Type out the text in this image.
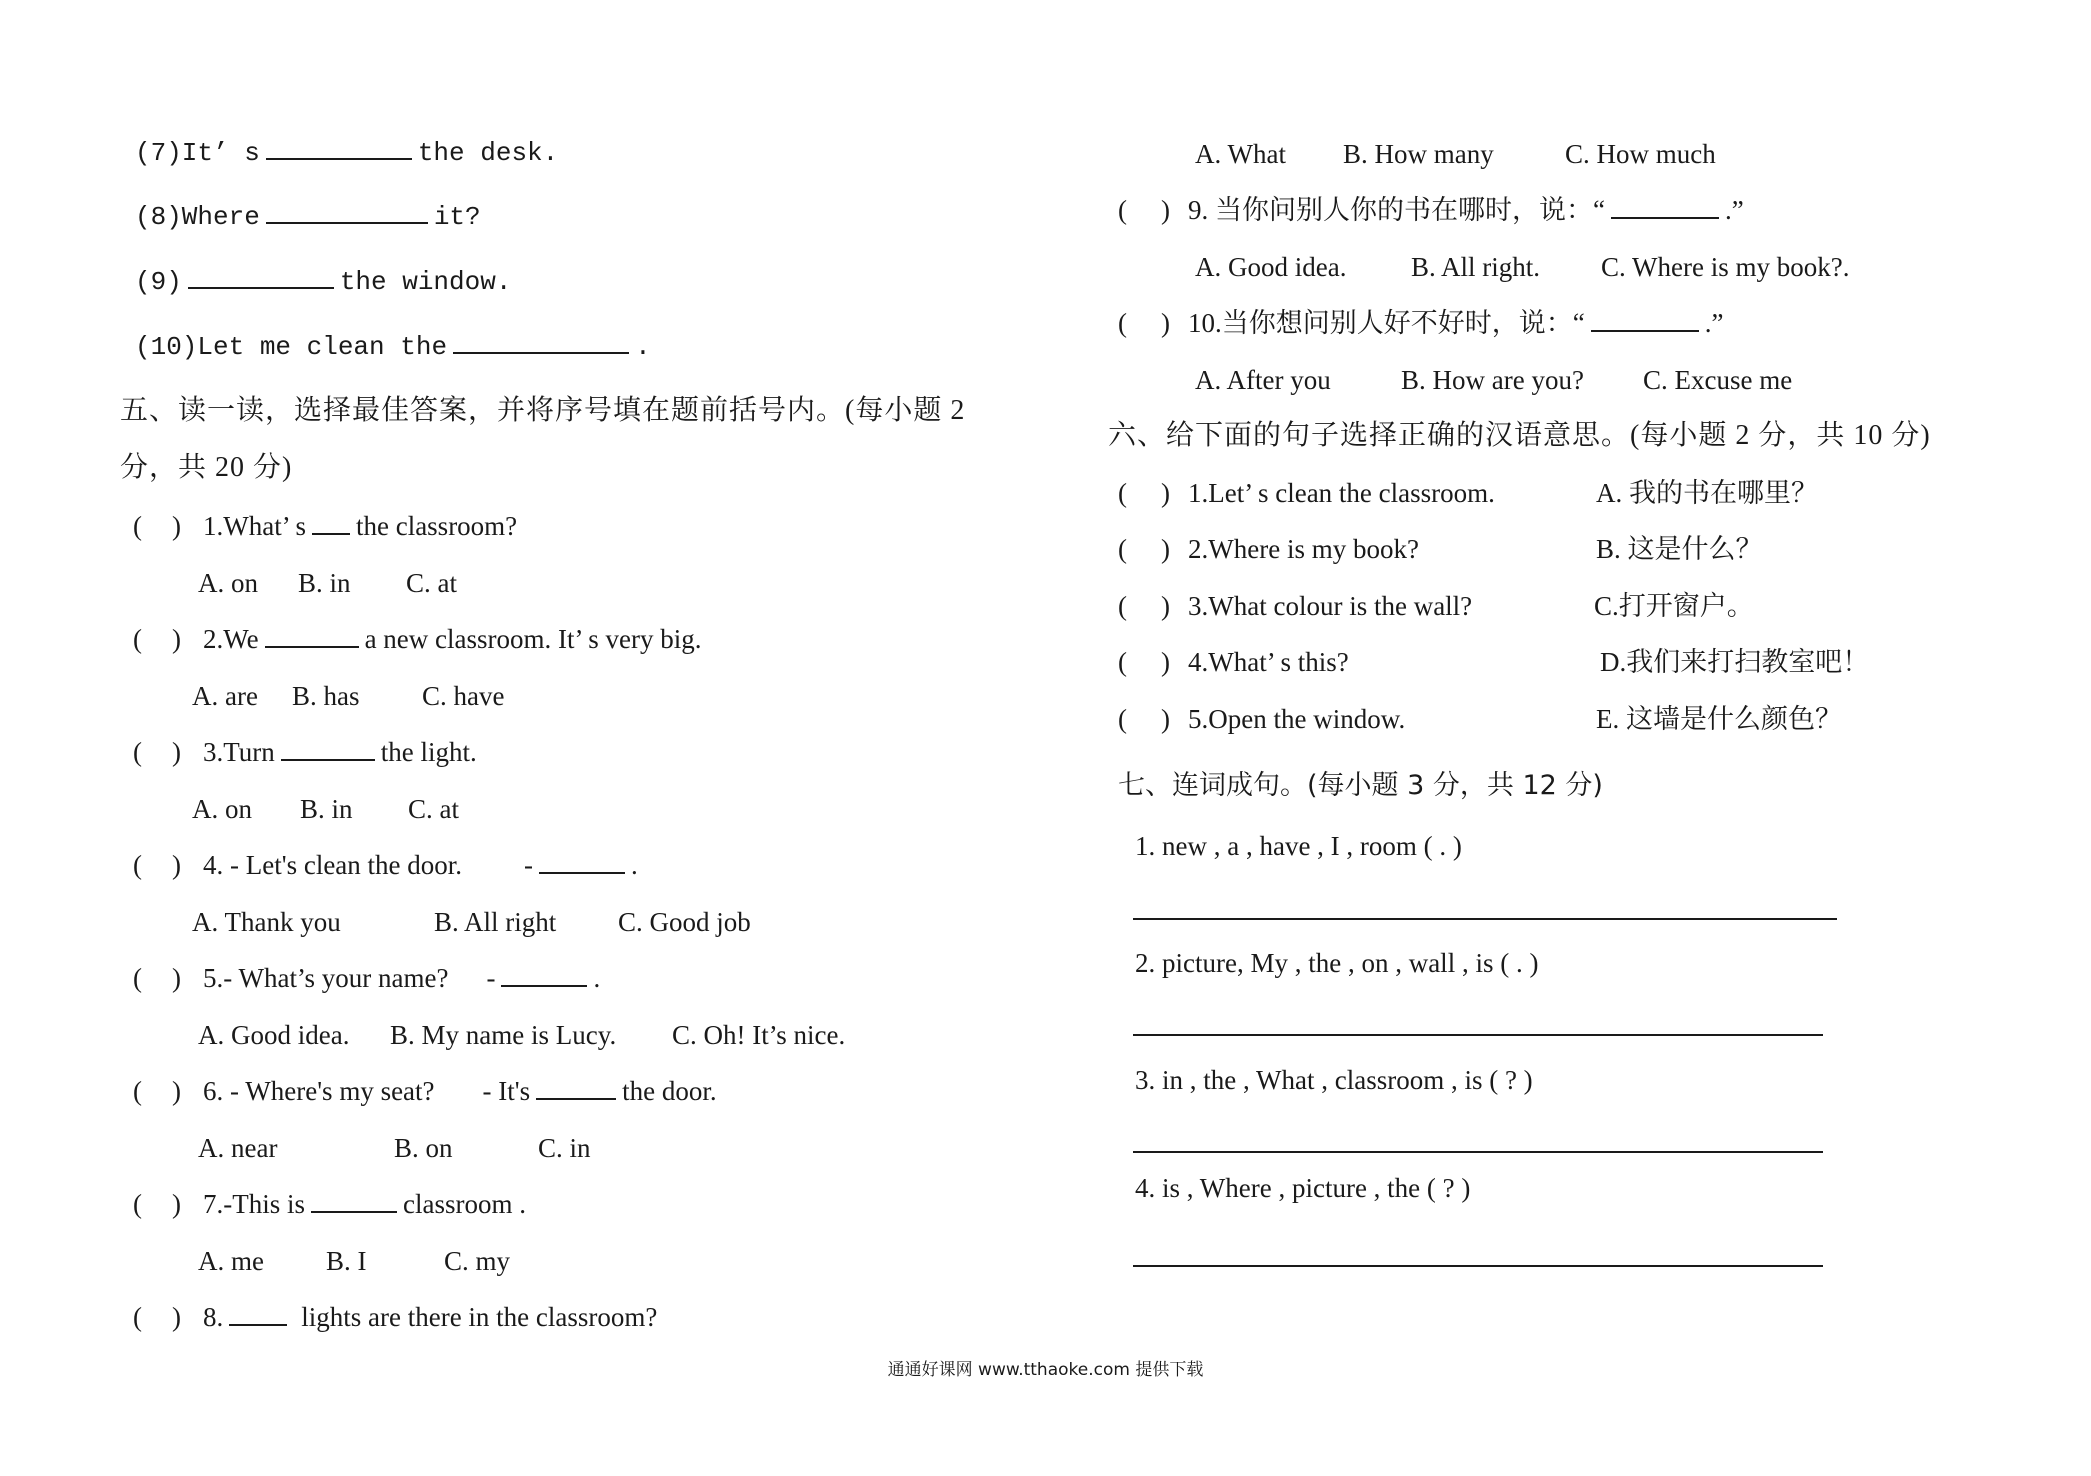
(7)It’ s	the desk.
(8)Where	it?
(9)	the window.
(10)Let me clean the	.
五、读一读，选择最佳答案，并将序号填在题前括号内。(每小题 2
分，共 20 分)
( ) 1.What’ s the classroom?
A. on B. in C. at
( ) 2.We	a new classroom. It’ s very big.
A. are B. has C. have
( ) 3.Turn	the light.
A. on B. in C. at
( ) 4. - Let's clean the door. -	.
A. Thank you	B. All right C. Good job
( ) 5.- What’s your name? -	.
A. Good idea. B. My name is Lucy. C. Oh! It’s nice.
( ) 6. - Where's my seat? - It's	the door.
A. near	B. on	C. in
( ) 7.-This is	classroom .
A. me B. I	C. my
( ) 8.	lights are there in the classroom?
A. What B. How many	C. How much
( ) 9. 当你问别人你的书在哪时，说：“	.”
A. Good idea. B. All right. C. Where is my book?.
( ) 10.当你想问别人好不好时，说：“	.”
A. After you	B. How are you? C. Excuse me
六、给下面的句子选择正确的汉语意思。(每小题 2 分，共 10 分)
( ) 1.Let’ s clean the classroom.	A. 我的书在哪里？
( ) 2.Where is my book?	B. 这是什么？
( ) 3.What colour is the wall?	C.打开窗户。
( ) 4.What’ s this?	D.我们来打扫教室吧！
( ) 5.Open the window.	E. 这墙是什么颜色？
七、连词成句。(每小题 3 分，共 12 分)
1. new , a , have , I , room ( . )
2. picture, My , the , on , wall , is ( . )
3. in , the , What , classroom , is ( ? )
4. is , Where , picture , the ( ? )
通通好课网 www.tthaoke.com 提供下载
